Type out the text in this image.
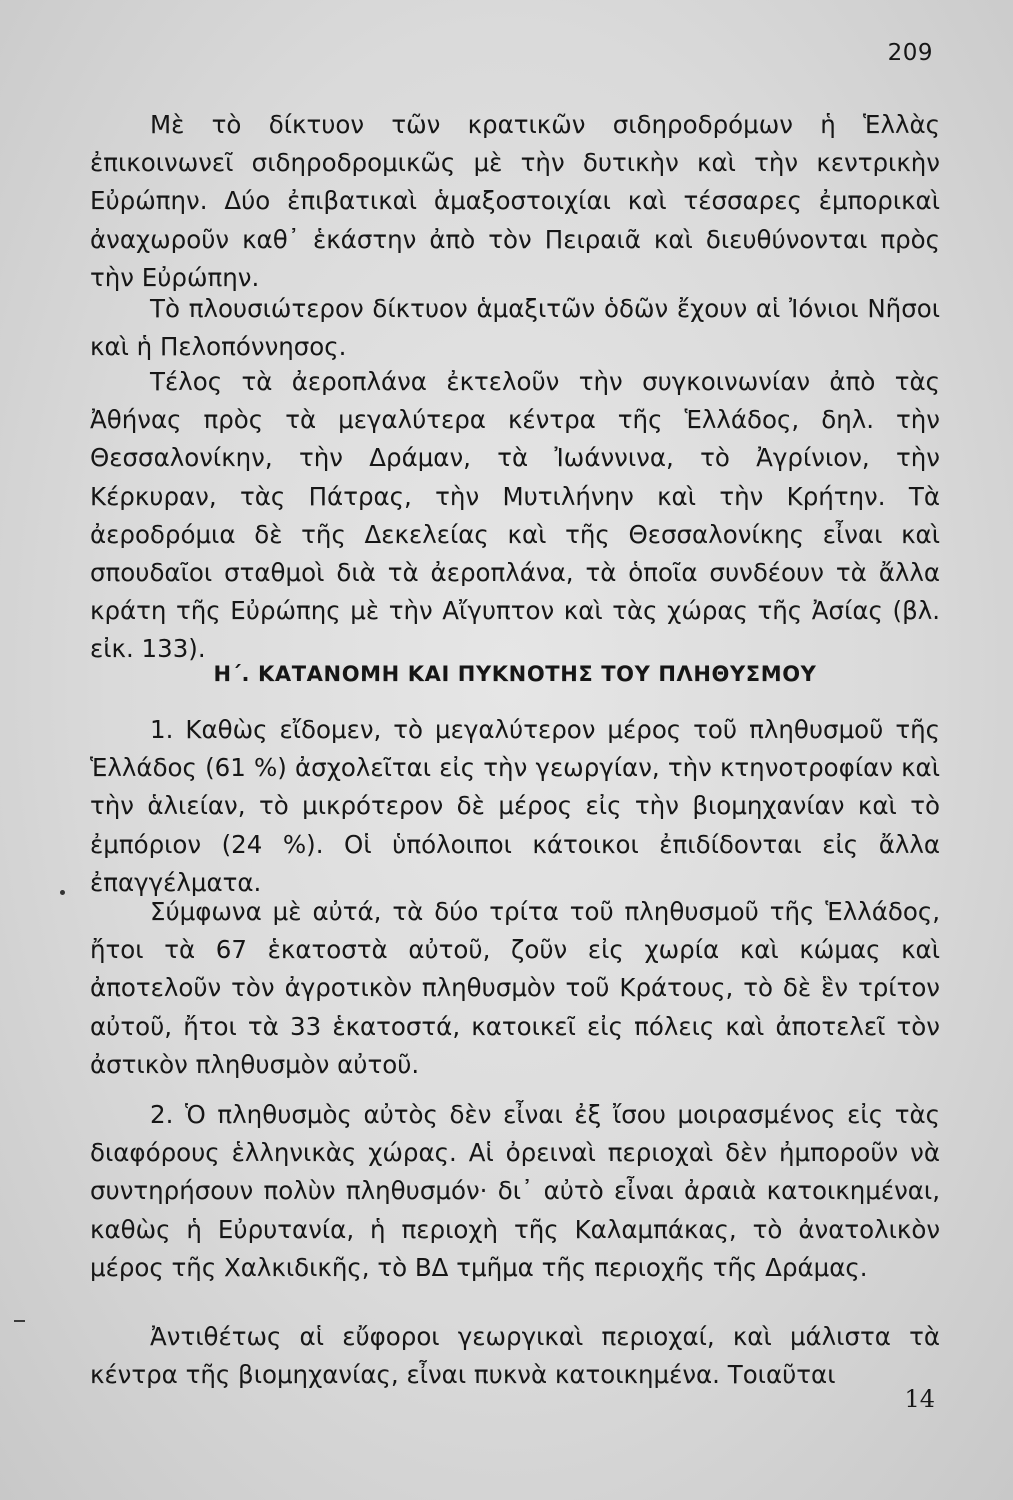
209

Μὲ τὸ δίκτυον τῶν κρατικῶν σιδηροδρόμων ἡ Ἑλλὰς ἐπικοινωνεῖ σιδηροδρομικῶς μὲ τὴν δυτικὴν καὶ τὴν κεντρικὴν Εὐρώπην. Δύο ἐπιβατικαὶ ἁμαξοστοιχίαι καὶ τέσσαρες ἐμπορικαὶ ἀναχωροῦν καθ᾽ ἑκάστην ἀπὸ τὸν Πειραιᾶ καὶ διευθύνονται πρὸς τὴν Εὐρώπην.

Τὸ πλουσιώτερον δίκτυον ἁμαξιτῶν ὁδῶν ἔχουν αἱ Ἰόνιοι Νῆσοι καὶ ἡ Πελοπόννησος.

Τέλος τὰ ἀεροπλάνα ἐκτελοῦν τὴν συγκοινωνίαν ἀπὸ τὰς Ἀθήνας πρὸς τὰ μεγαλύτερα κέντρα τῆς Ἑλλάδος, δηλ. τὴν Θεσσαλονίκην, τὴν Δράμαν, τὰ Ἰωάννινα, τὸ Ἀγρίνιον, τὴν Κέρκυραν, τὰς Πάτρας, τὴν Μυτιλήνην καὶ τὴν Κρήτην. Τὰ ἀεροδρόμια δὲ τῆς Δεκελείας καὶ τῆς Θεσσαλονίκης εἶναι καὶ σπουδαῖοι σταθμοὶ διὰ τὰ ἀεροπλάνα, τὰ ὁποῖα συνδέουν τὰ ἄλλα κράτη τῆς Εὐρώπης μὲ τὴν Αἴγυπτον καὶ τὰς χώρας τῆς Ἀσίας (βλ. εἰκ. 133).

Η΄. ΚΑΤΑΝΟΜΗ ΚΑΙ ΠΥΚΝΟΤΗΣ ΤΟΥ ΠΛΗΘΥΣΜΟΥ

1. Καθὼς εἴδομεν, τὸ μεγαλύτερον μέρος τοῦ πληθυσμοῦ τῆς Ἑλλάδος (61 %) ἀσχολεῖται εἰς τὴν γεωργίαν, τὴν κτηνοτροφίαν καὶ τὴν ἁλιείαν, τὸ μικρότερον δὲ μέρος εἰς τὴν βιομηχανίαν καὶ τὸ ἐμπόριον (24 %). Οἱ ὑπόλοιποι κάτοικοι ἐπιδίδονται εἰς ἄλλα ἐπαγγέλματα.

Σύμφωνα μὲ αὐτά, τὰ δύο τρίτα τοῦ πληθυσμοῦ τῆς Ἑλλάδος, ἤτοι τὰ 67 ἑκατοστὰ αὐτοῦ, ζοῦν εἰς χωρία καὶ κώμας καὶ ἀποτελοῦν τὸν ἀγροτικὸν πληθυσμὸν τοῦ Κράτους, τὸ δὲ ἓν τρίτον αὐτοῦ, ἤτοι τὰ 33 ἑκατοστά, κατοικεῖ εἰς πόλεις καὶ ἀποτελεῖ τὸν ἀστικὸν πληθυσμὸν αὐτοῦ.

2. Ὁ πληθυσμὸς αὐτὸς δὲν εἶναι ἐξ ἴσου μοιρασμένος εἰς τὰς διαφόρους ἑλληνικὰς χώρας. Αἱ ὀρειναὶ περιοχαὶ δὲν ἠμποροῦν νὰ συντηρήσουν πολὺν πληθυσμόν· δι᾽ αὐτὸ εἶναι ἀραιὰ κατοικημέναι, καθὼς ἡ Εὐρυτανία, ἡ περιοχὴ τῆς Καλαμπάκας, τὸ ἀνατολικὸν μέρος τῆς Χαλκιδικῆς, τὸ ΒΔ τμῆμα τῆς περιοχῆς τῆς Δράμας.

Ἀντιθέτως αἱ εὔφοροι γεωργικαὶ περιοχαί, καὶ μάλιστα τὰ κέντρα τῆς βιομηχανίας, εἶναι πυκνὰ κατοικημένα. Τοιαῦται

14
